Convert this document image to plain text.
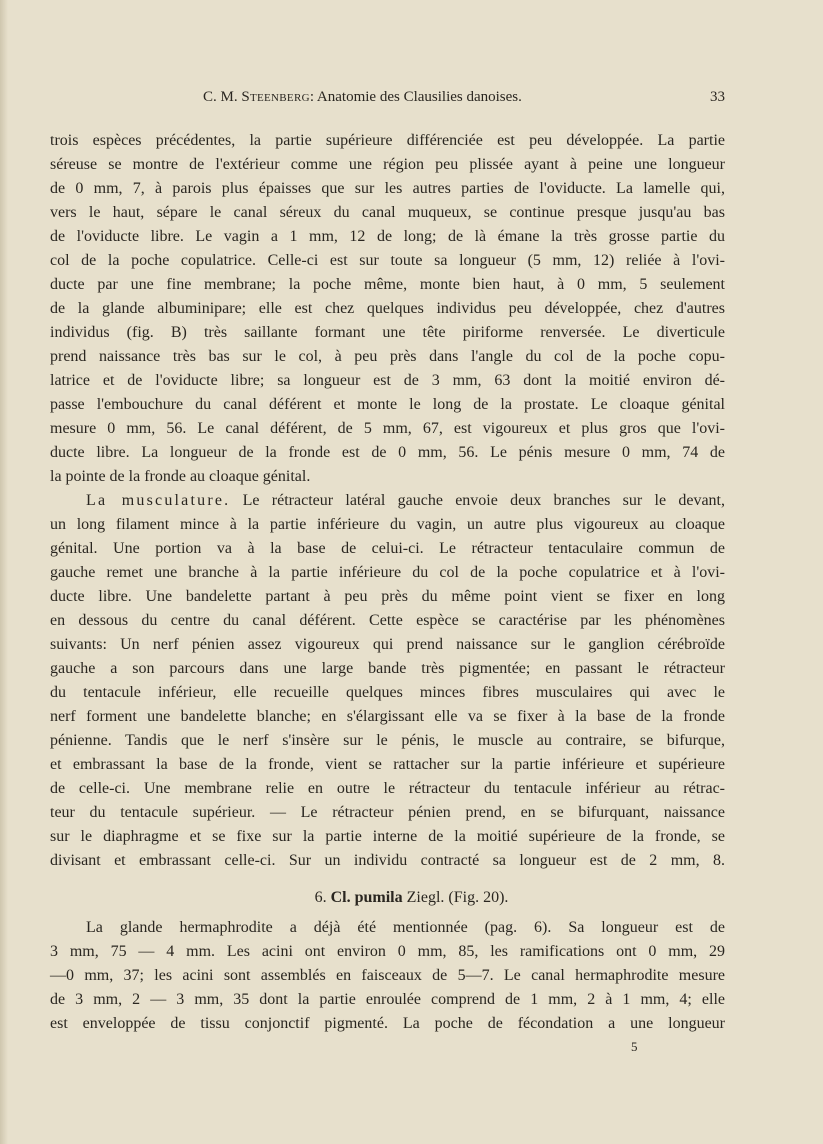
C. M. Steenberg: Anatomie des Clausilies danoises.	33
trois espèces précédentes, la partie supérieure différenciée est peu développée. La partie
séreuse se montre de l'extérieur comme une région peu plissée ayant à peine une longueur
de 0 mm, 7, à parois plus épaisses que sur les autres parties de l'oviducte. La lamelle qui,
vers le haut, sépare le canal séreux du canal muqueux, se continue presque jusqu'au bas
de l'oviducte libre. Le vagin a 1 mm, 12 de long; de là émane la très grosse partie du
col de la poche copulatrice. Celle-ci est sur toute sa longueur (5 mm, 12) reliée à l'ovi-
ducte par une fine membrane; la poche même, monte bien haut, à 0 mm, 5 seulement
de la glande albuminipare; elle est chez quelques individus peu développée, chez d'autres
individus (fig. B) très saillante formant une tête piriforme renversée. Le diverticule
prend naissance très bas sur le col, à peu près dans l'angle du col de la poche copu-
latrice et de l'oviducte libre; sa longueur est de 3 mm, 63 dont la moitié environ dé-
passe l'embouchure du canal déférent et monte le long de la prostate. Le cloaque génital
mesure 0 mm, 56. Le canal déférent, de 5 mm, 67, est vigoureux et plus gros que l'ovi-
ducte libre. La longueur de la fronde est de 0 mm, 56. Le pénis mesure 0 mm, 74 de
la pointe de la fronde au cloaque génital.
La musculature. Le rétracteur latéral gauche envoie deux branches sur le devant,
un long filament mince à la partie inférieure du vagin, un autre plus vigoureux au cloaque
génital. Une portion va à la base de celui-ci. Le rétracteur tentaculaire commun de
gauche remet une branche à la partie inférieure du col de la poche copulatrice et à l'ovi-
ducte libre. Une bandelette partant à peu près du même point vient se fixer en long
en dessous du centre du canal déférent. Cette espèce se caractérise par les phénomènes
suivants: Un nerf pénien assez vigoureux qui prend naissance sur le ganglion cérébroïde
gauche a son parcours dans une large bande très pigmentée; en passant le rétracteur
du tentacule inférieur, elle recueille quelques minces fibres musculaires qui avec le
nerf forment une bandelette blanche; en s'élargissant elle va se fixer à la base de la fronde
pénienne. Tandis que le nerf s'insère sur le pénis, le muscle au contraire, se bifurque,
et embrassant la base de la fronde, vient se rattacher sur la partie inférieure et supérieure
de celle-ci. Une membrane relie en outre le rétracteur du tentacule inférieur au rétrac-
teur du tentacule supérieur. — Le rétracteur pénien prend, en se bifurquant, naissance
sur le diaphragme et se fixe sur la partie interne de la moitié supérieure de la fronde, se
divisant et embrassant celle-ci. Sur un individu contracté sa longueur est de 2 mm, 8.
6. Cl. pumila Ziegl. (Fig. 20).
La glande hermaphrodite a déjà été mentionnée (pag. 6). Sa longueur est de
3 mm, 75 — 4 mm. Les acini ont environ 0 mm, 85, les ramifications ont 0 mm, 29
—0 mm, 37; les acini sont assemblés en faisceaux de 5—7. Le canal hermaphrodite mesure
de 3 mm, 2 — 3 mm, 35 dont la partie enroulée comprend de 1 mm, 2 à 1 mm, 4; elle
est enveloppée de tissu conjonctif pigmenté. La poche de fécondation a une longueur
5
